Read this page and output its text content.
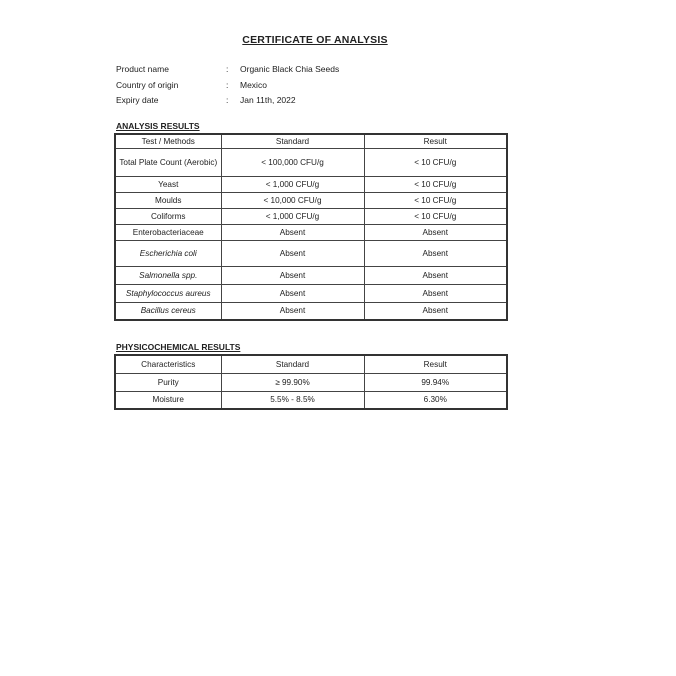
CERTIFICATE OF ANALYSIS
Product name	: Organic Black Chia Seeds
Country of origin	: Mexico
Expiry date	: Jan 11th, 2022
ANALYSIS RESULTS
Test / Methods	Standard	Result
Total Plate Count (Aerobic)	< 100,000 CFU/g	< 10 CFU/g
Yeast	< 1,000 CFU/g	< 10 CFU/g
Moulds	< 10,000 CFU/g	< 10 CFU/g
Coliforms	< 1,000 CFU/g	< 10 CFU/g
Enterobacteriaceae	Absent	Absent
Escherichia coli	Absent	Absent
Salmonella spp.	Absent	Absent
Staphylococcus aureus	Absent	Absent
Bacillus cereus	Absent	Absent
PHYSICOCHEMICAL RESULTS
Characteristics	Standard	Result
Purity	≥ 99.90%	99.94%
Moisture	5.5% - 8.5%	6.30%
